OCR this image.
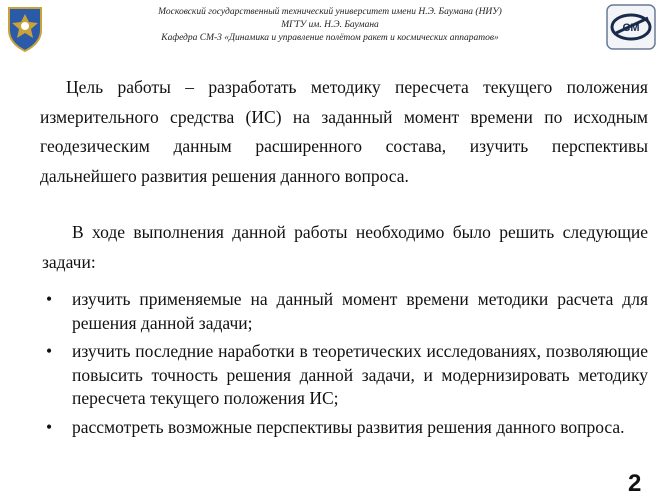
Московский государственный технический университет имени Н.Э. Баумана (НИУ)
МГТУ им. Н.Э. Баумана
Кафедра СМ-3 «Динамика и управление полётом ракет и космических аппаратов»
СМ

Цель работы – разработать методику пересчета текущего положения измерительного средства (ИС) на заданный момент времени по исходным геодезическим данным расширенного состава, изучить перспективы дальнейшего развития решения данного вопроса.

В ходе выполнения данной работы необходимо было решить следующие задачи:

• изучить применяемые на данный момент времени методики расчета для решения данной задачи;
• изучить последние наработки в теоретических исследованиях, позволяющие повысить точность решения данной задачи, и модернизировать методику пересчета текущего положения ИС;
• рассмотреть возможные перспективы развития решения данного вопроса.
2
